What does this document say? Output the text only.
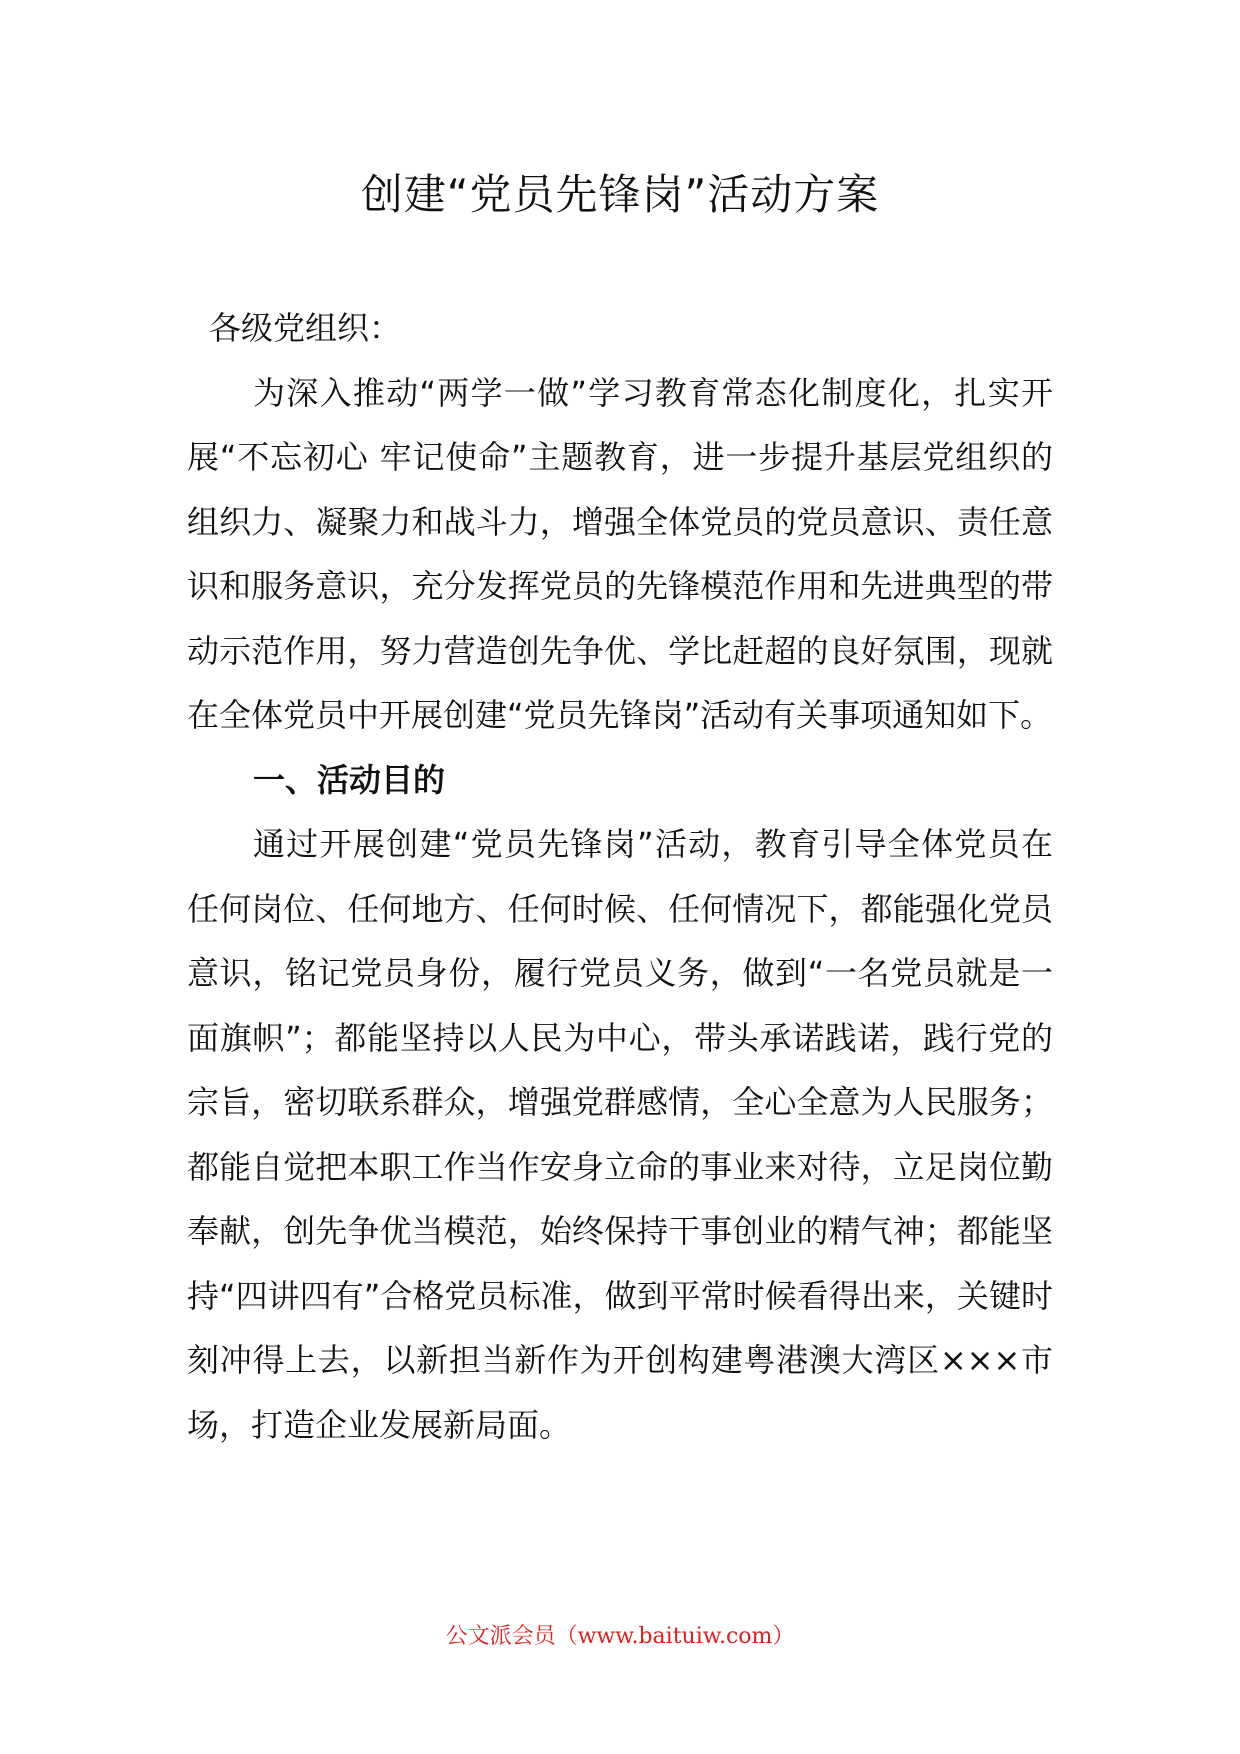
创建“党员先锋岗”活动方案

各级党组织：

为深入推动“两学一做”学习教育常态化制度化，扎实开展“不忘初心 牢记使命”主题教育，进一步提升基层党组织的组织力、凝聚力和战斗力，增强全体党员的党员意识、责任意识和服务意识，充分发挥党员的先锋模范作用和先进典型的带动示范作用，努力营造创先争优、学比赶超的良好氛围，现就在全体党员中开展创建“党员先锋岗”活动有关事项通知如下。

一、活动目的

通过开展创建“党员先锋岗”活动，教育引导全体党员在任何岗位、任何地方、任何时候、任何情况下，都能强化党员意识，铭记党员身份，履行党员义务，做到“一名党员就是一面旗帜”；都能坚持以人民为中心，带头承诺践诺，践行党的宗旨，密切联系群众，增强党群感情，全心全意为人民服务；都能自觉把本职工作当作安身立命的事业来对待，立足岗位勤奉献，创先争优当模范，始终保持干事创业的精气神；都能坚持“四讲四有”合格党员标准，做到平常时候看得出来，关键时刻冲得上去，以新担当新作为开创构建粤港澳大湾区×××市场，打造企业发展新局面。

公文派会员（www.baituiw.com）
